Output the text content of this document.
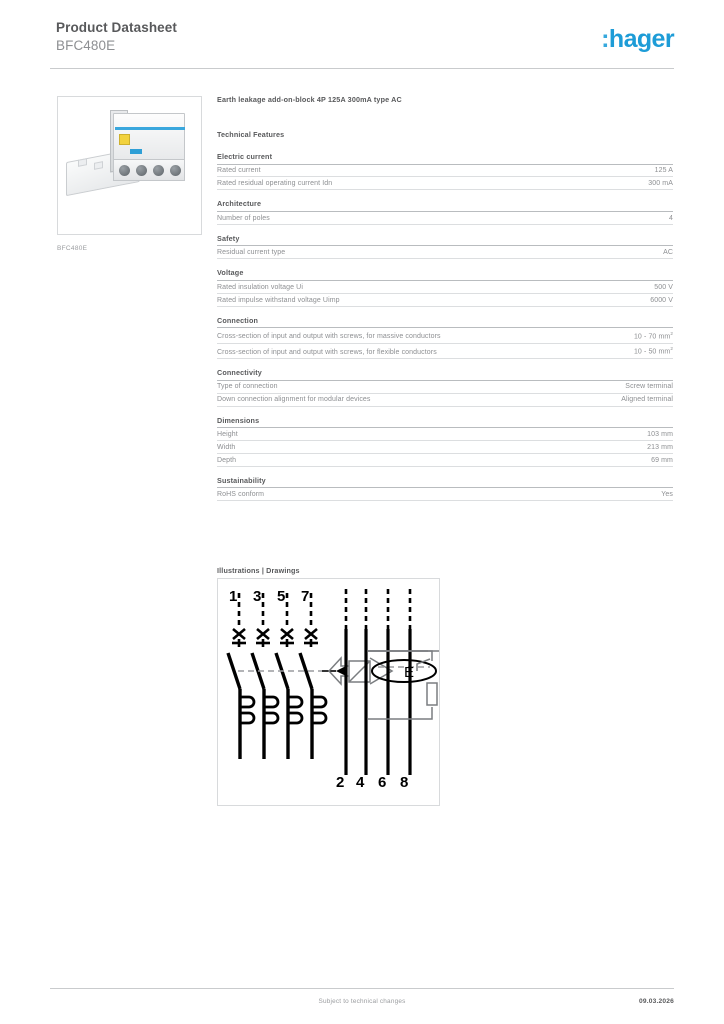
Product Datasheet
BFC480E	:hager
BFC480E
Earth leakage add-on-block 4P 125A 300mA type AC
Technical Features
Electric current
Rated current	125 A
Rated residual operating current Idn	300 mA
Architecture
Number of poles	4
Safety
Residual current type	AC
Voltage
Rated insulation voltage Ui	500 V
Rated impulse withstand voltage Uimp	6000 V
Connection
Cross-section of input and output with screws, for massive conductors	10 - 70 $mm^2$
Cross-section of input and output with screws, for flexible conductors	10 - 50 $mm^2$
Connectivity
Type of connection	Screw terminal
Down connection alignment for modular devices	Aligned terminal
Dimensions
Height	103 mm
Width	213 mm
Depth	69 mm
Sustainability
RoHS conform	Yes
Illustrations | Drawings
1 3 5 7
E
2 4 6 8
Subject to technical changes	09.03.2026
